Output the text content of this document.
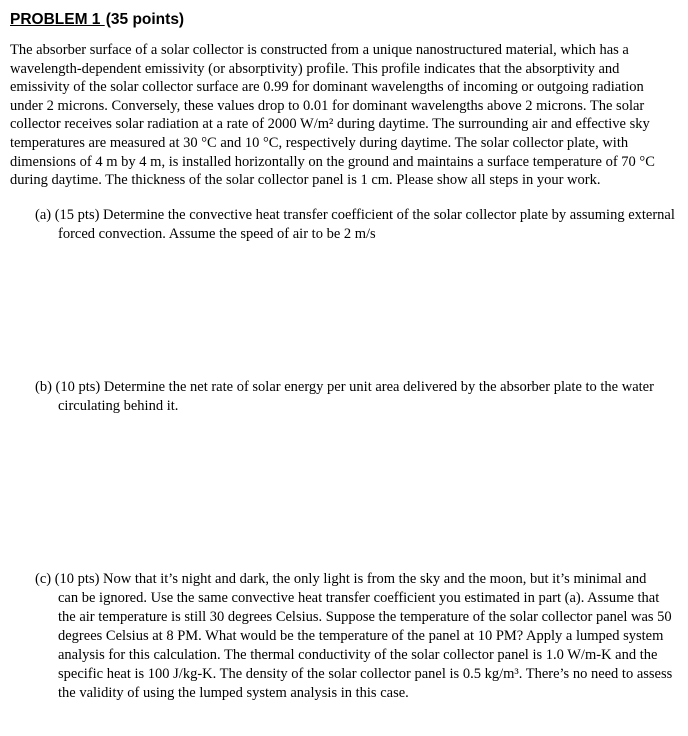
PROBLEM 1 (35 points)

The absorber surface of a solar collector is constructed from a unique nanostructured material, which has a
wavelength-dependent emissivity (or absorptivity) profile. This profile indicates that the absorptivity and
emissivity of the solar collector surface are 0.99 for dominant wavelengths of incoming or outgoing radiation
under 2 microns. Conversely, these values drop to 0.01 for dominant wavelengths above 2 microns. The solar
collector receives solar radiation at a rate of 2000 W/m² during daytime. The surrounding air and effective sky
temperatures are measured at 30 °C and 10 °C, respectively during daytime. The solar collector plate, with
dimensions of 4 m by 4 m, is installed horizontally on the ground and maintains a surface temperature of 70 °C
during daytime. The thickness of the solar collector panel is 1 cm. Please show all steps in your work.

(a) (15 pts) Determine the convective heat transfer coefficient of the solar collector plate by assuming external
forced convection. Assume the speed of air to be 2 m/s

(b) (10 pts) Determine the net rate of solar energy per unit area delivered by the absorber plate to the water
circulating behind it.

(c) (10 pts) Now that it’s night and dark, the only light is from the sky and the moon, but it’s minimal and
can be ignored. Use the same convective heat transfer coefficient you estimated in part (a). Assume that
the air temperature is still 30 degrees Celsius. Suppose the temperature of the solar collector panel was 50
degrees Celsius at 8 PM. What would be the temperature of the panel at 10 PM? Apply a lumped system
analysis for this calculation. The thermal conductivity of the solar collector panel is 1.0 W/m-K and the
specific heat is 100 J/kg-K. The density of the solar collector panel is 0.5 kg/m³. There’s no need to assess
the validity of using the lumped system analysis in this case.
